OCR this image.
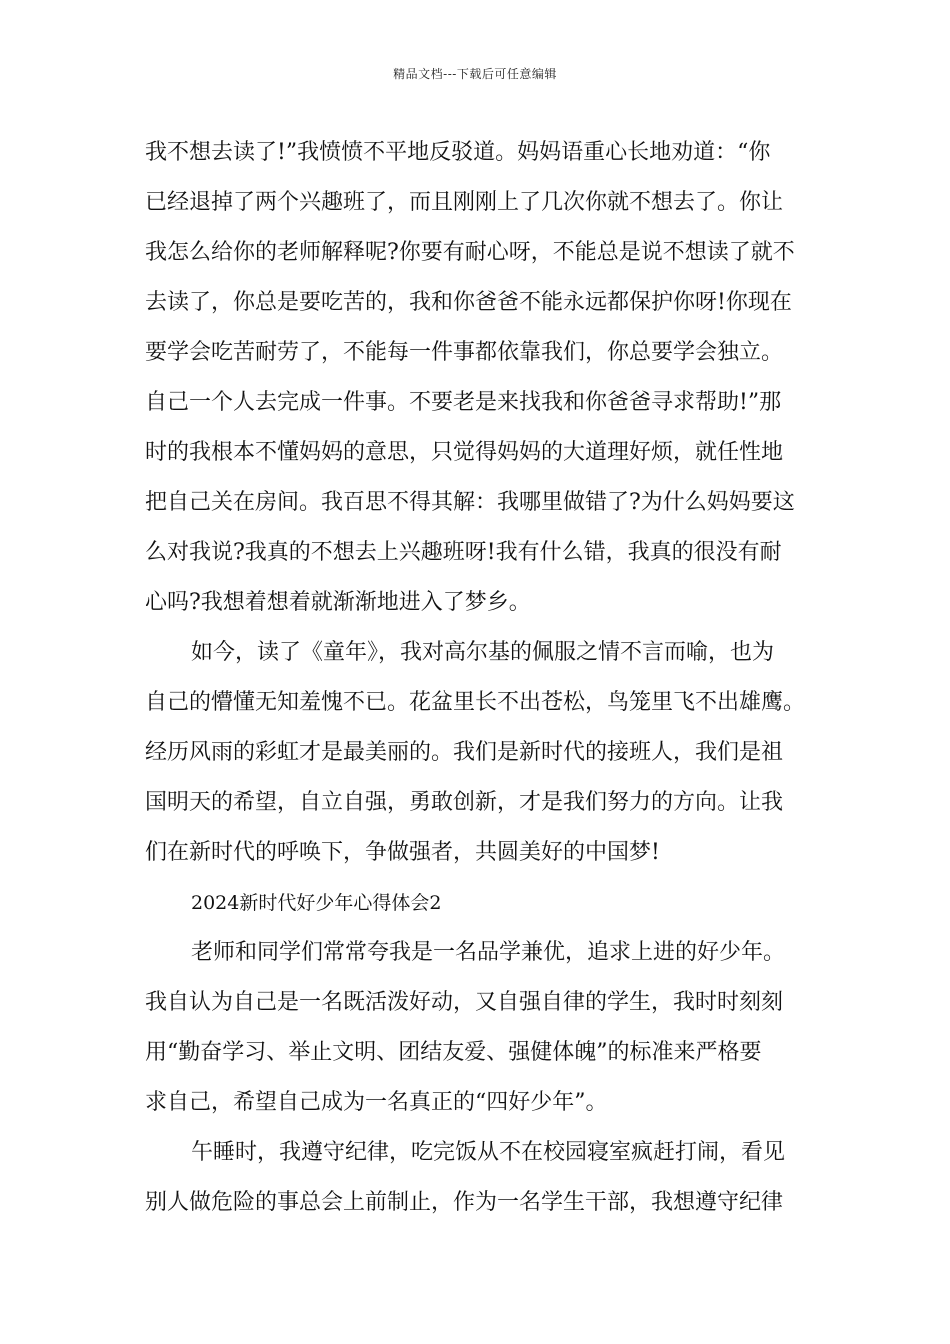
精品文档---下载后可任意编辑
我不想去读了!”我愤愤不平地反驳道。妈妈语重心长地劝道：“你
已经退掉了两个兴趣班了，而且刚刚上了几次你就不想去了。你让
我怎么给你的老师解释呢?你要有耐心呀，不能总是说不想读了就不
去读了，你总是要吃苦的，我和你爸爸不能永远都保护你呀!你现在
要学会吃苦耐劳了，不能每一件事都依靠我们，你总要学会独立。
自己一个人去完成一件事。不要老是来找我和你爸爸寻求帮助!”那
时的我根本不懂妈妈的意思，只觉得妈妈的大道理好烦，就任性地
把自己关在房间。我百思不得其解：我哪里做错了?为什么妈妈要这
么对我说?我真的不想去上兴趣班呀!我有什么错，我真的很没有耐
心吗?我想着想着就渐渐地进入了梦乡。
如今，读了《童年》，我对高尔基的佩服之情不言而喻，也为
自己的懵懂无知羞愧不已。花盆里长不出苍松，鸟笼里飞不出雄鹰。
经历风雨的彩虹才是最美丽的。我们是新时代的接班人，我们是祖
国明天的希望，自立自强，勇敢创新，才是我们努力的方向。让我
们在新时代的呼唤下，争做强者，共圆美好的中国梦!
2024新时代好少年心得体会2
老师和同学们常常夸我是一名品学兼优，追求上进的好少年。
我自认为自己是一名既活泼好动，又自强自律的学生，我时时刻刻
用“勤奋学习、举止文明、团结友爱、强健体魄”的标准来严格要
求自己，希望自己成为一名真正的“四好少年”。
午睡时，我遵守纪律，吃完饭从不在校园寝室疯赶打闹，看见
别人做危险的事总会上前制止，作为一名学生干部，我想遵守纪律
